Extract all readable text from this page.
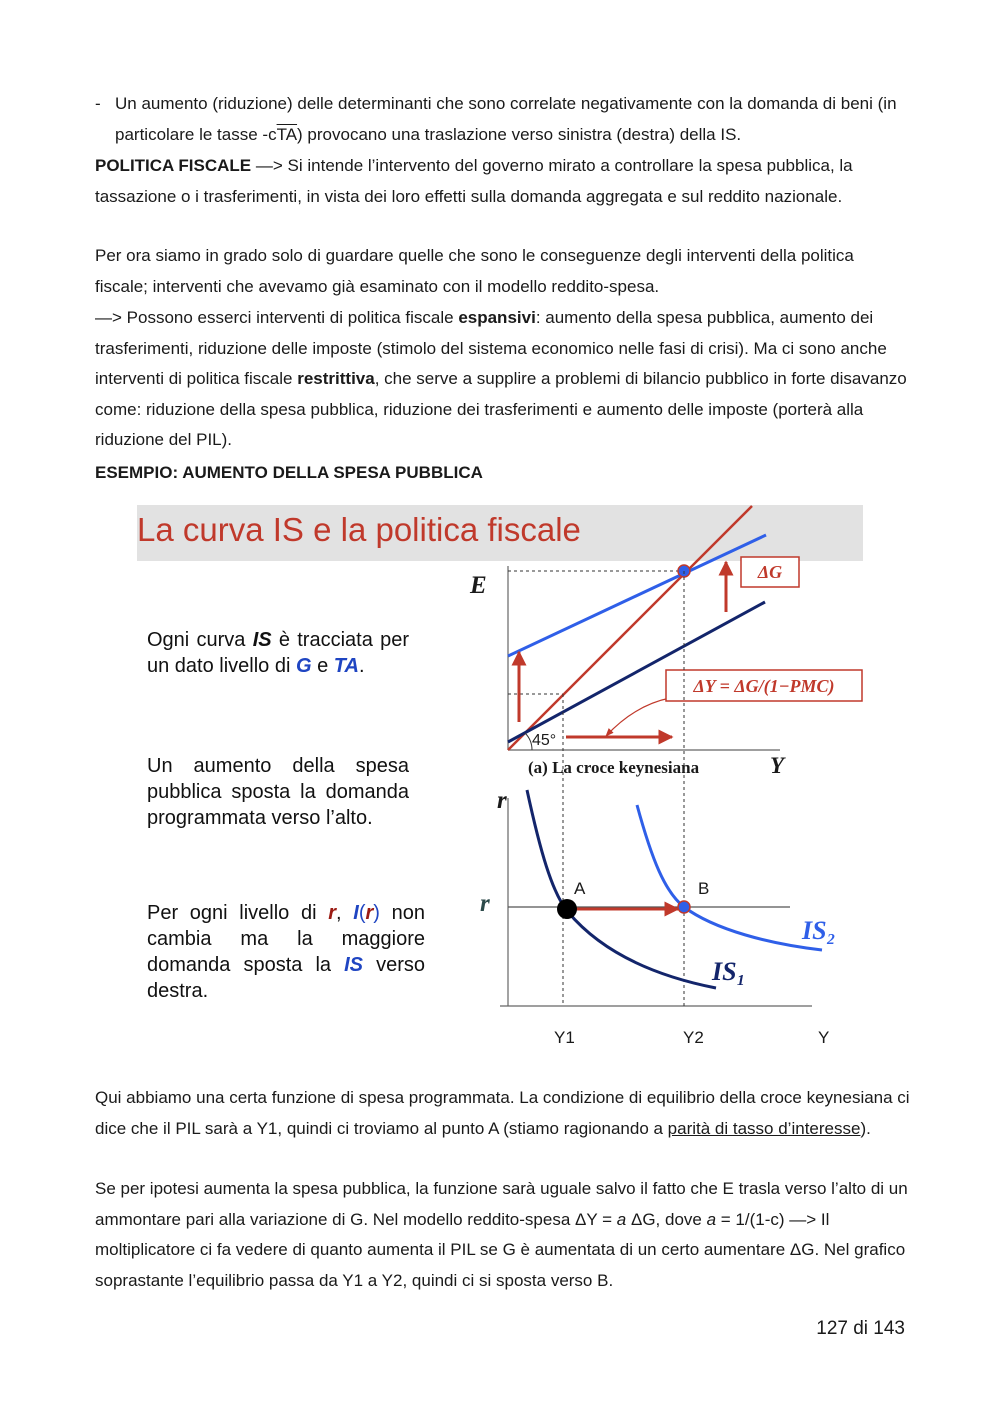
- Un aumento (riduzione) delle determinanti che sono correlate negativamente con la domanda di beni (in particolare le tasse $-c\overline{TA}$) provocano una traslazione verso sinistra (destra) della IS.
POLITICA FISCALE —> Si intende l’intervento del governo mirato a controllare la spesa pubblica, la tassazione o i trasferimenti, in vista dei loro effetti sulla domanda aggregata e sul reddito nazionale.
Per ora siamo in grado solo di guardare quelle che sono le conseguenze degli interventi della politica fiscale; interventi che avevamo già esaminato con il modello reddito-spesa.
—> Possono esserci interventi di politica fiscale espansivi: aumento della spesa pubblica, aumento dei trasferimenti, riduzione delle imposte (stimolo del sistema economico nelle fasi di crisi). Ma ci sono anche interventi di politica fiscale restrittiva, che serve a supplire a problemi di bilancio pubblico in forte disavanzo come: riduzione della spesa pubblica, riduzione dei trasferimenti e aumento delle imposte (porterà alla riduzione del PIL).
ESEMPIO: AUMENTO DELLA SPESA PUBBLICA
La curva IS e la politica fiscale
Ogni curva IS è tracciata per un dato livello di G e TA.
Un aumento della spesa pubblica sposta la domanda programmata verso l’alto.
Per ogni livello di r, I(r) non cambia ma la maggiore domanda sposta la IS verso destra.
ΔG
ΔY = ΔG/(1−PMC)
E
Y
45°
(a) La croce keynesiana
r
r
A	B
IS₂
IS₁
Y1	Y2	Y
Qui abbiamo una certa funzione di spesa programmata. La condizione di equilibrio della croce keynesiana ci dice che il PIL sarà a Y1, quindi ci troviamo al punto A (stiamo ragionando a parità di tasso d’interesse).
Se per ipotesi aumenta la spesa pubblica, la funzione sarà uguale salvo il fatto che E trasla verso l’alto di un ammontare pari alla variazione di G. Nel modello reddito-spesa ΔY = a ΔG, dove a = 1/(1-c) —> Il moltiplicatore ci fa vedere di quanto aumenta il PIL se G è aumentata di un certo aumentare ΔG. Nel grafico soprastante l’equilibrio passa da Y1 a Y2, quindi ci si sposta verso B.
127 di 143
